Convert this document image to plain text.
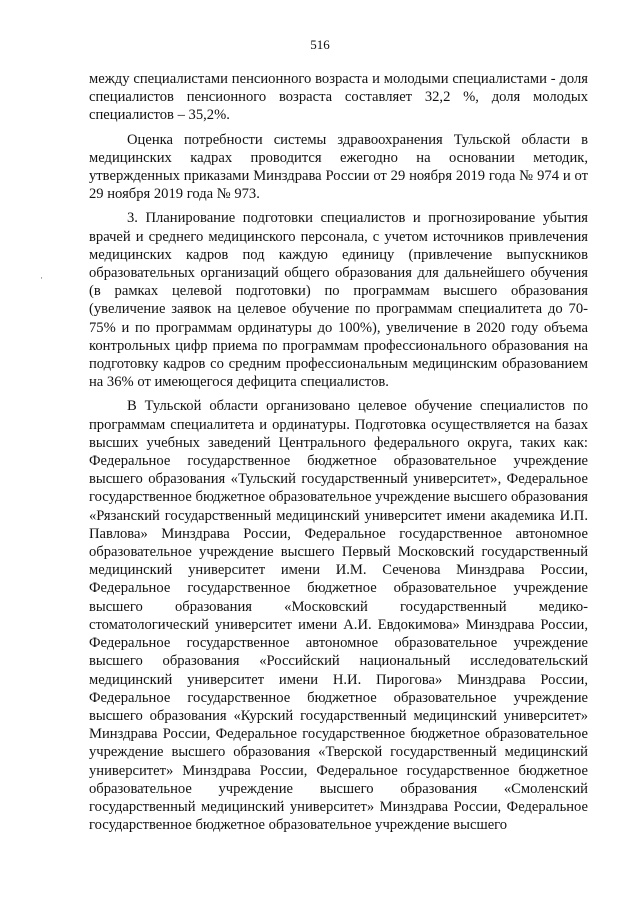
516
·

между специалистами пенсионного возраста и молодыми специалистами - доля специалистов пенсионного возраста составляет 32,2 %, доля молодых специалистов – 35,2%.

Оценка потребности системы здравоохранения Тульской области в медицинских кадрах проводится ежегодно на основании методик, утвержденных приказами Минздрава России от 29 ноября 2019 года № 974 и от 29 ноября 2019 года № 973.

3. Планирование подготовки специалистов и прогнозирование убытия врачей и среднего медицинского персонала, с учетом источников привлечения медицинских кадров под каждую единицу (привлечение выпускников образовательных организаций общего образования для дальнейшего обучения (в рамках целевой подготовки) по программам высшего образования (увеличение заявок на целевое обучение по программам специалитета до 70-75% и по программам ординатуры до 100%), увеличение в 2020 году объема контрольных цифр приема по программам профессионального образования на подготовку кадров со средним профессиональным медицинским образованием на 36% от имеющегося дефицита специалистов.

В Тульской области организовано целевое обучение специалистов по программам специалитета и ординатуры. Подготовка осуществляется на базах высших учебных заведений Центрального федерального округа, таких как: Федеральное государственное бюджетное образовательное учреждение высшего образования «Тульский государственный университет», Федеральное государственное бюджетное образовательное учреждение высшего образования «Рязанский государственный медицинский университет имени академика И.П. Павлова» Минздрава России, Федеральное государственное автономное образовательное учреждение высшего Первый Московский государственный медицинский университет имени И.М. Сеченова Минздрава России, Федеральное государственное бюджетное образовательное учреждение высшего образования «Московский государственный медико-стоматологический университет имени А.И. Евдокимова» Минздрава России, Федеральное государственное автономное образовательное учреждение высшего образования «Российский национальный исследовательский медицинский университет имени Н.И. Пирогова» Минздрава России, Федеральное государственное бюджетное образовательное учреждение высшего образования «Курский государственный медицинский университет» Минздрава России, Федеральное государственное бюджетное образовательное учреждение высшего образования «Тверской государственный медицинский университет» Минздрава России, Федеральное государственное бюджетное образовательное учреждение высшего образования «Смоленский государственный медицинский университет» Минздрава России, Федеральное государственное бюджетное образовательное учреждение высшего
